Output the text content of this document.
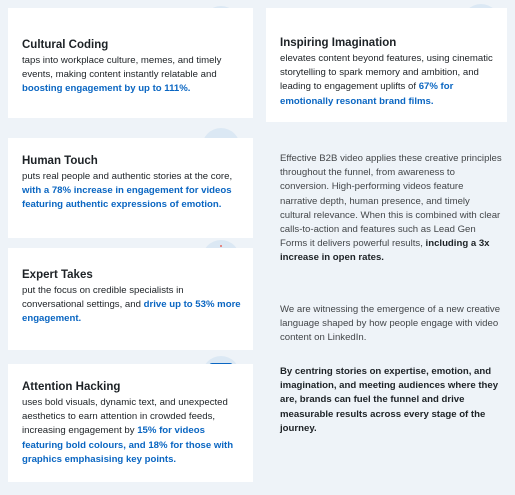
Cultural Coding

taps into workplace culture, memes, and timely events, making content instantly relatable and boosting engagement by up to 111%.

Human Touch

puts real people and authentic stories at the core, with a 78% increase in engagement for videos featuring authentic expressions of emotion.

Expert Takes

put the focus on credible specialists in conversational settings, and drive up to 53% more engagement.

Attention Hacking

uses bold visuals, dynamic text, and unexpected aesthetics to earn attention in crowded feeds, increasing engagement by 15% for videos featuring bold colours, and 18% for those with graphics emphasising key points.

Inspiring Imagination

elevates content beyond features, using cinematic storytelling to spark memory and ambition, and leading to engagement uplifts of 67% for emotionally resonant brand films.

Effective B2B video applies these creative principles throughout the funnel, from awareness to conversion. High-performing videos feature narrative depth, human presence, and timely cultural relevance. When this is combined with clear calls-to-action and features such as Lead Gen Forms it delivers powerful results, including a 3x increase in open rates.

We are witnessing the emergence of a new creative language shaped by how people engage with video content on LinkedIn.

By centring stories on expertise, emotion, and imagination, and meeting audiences where they are, brands can fuel the funnel and drive measurable results across every stage of the journey.
